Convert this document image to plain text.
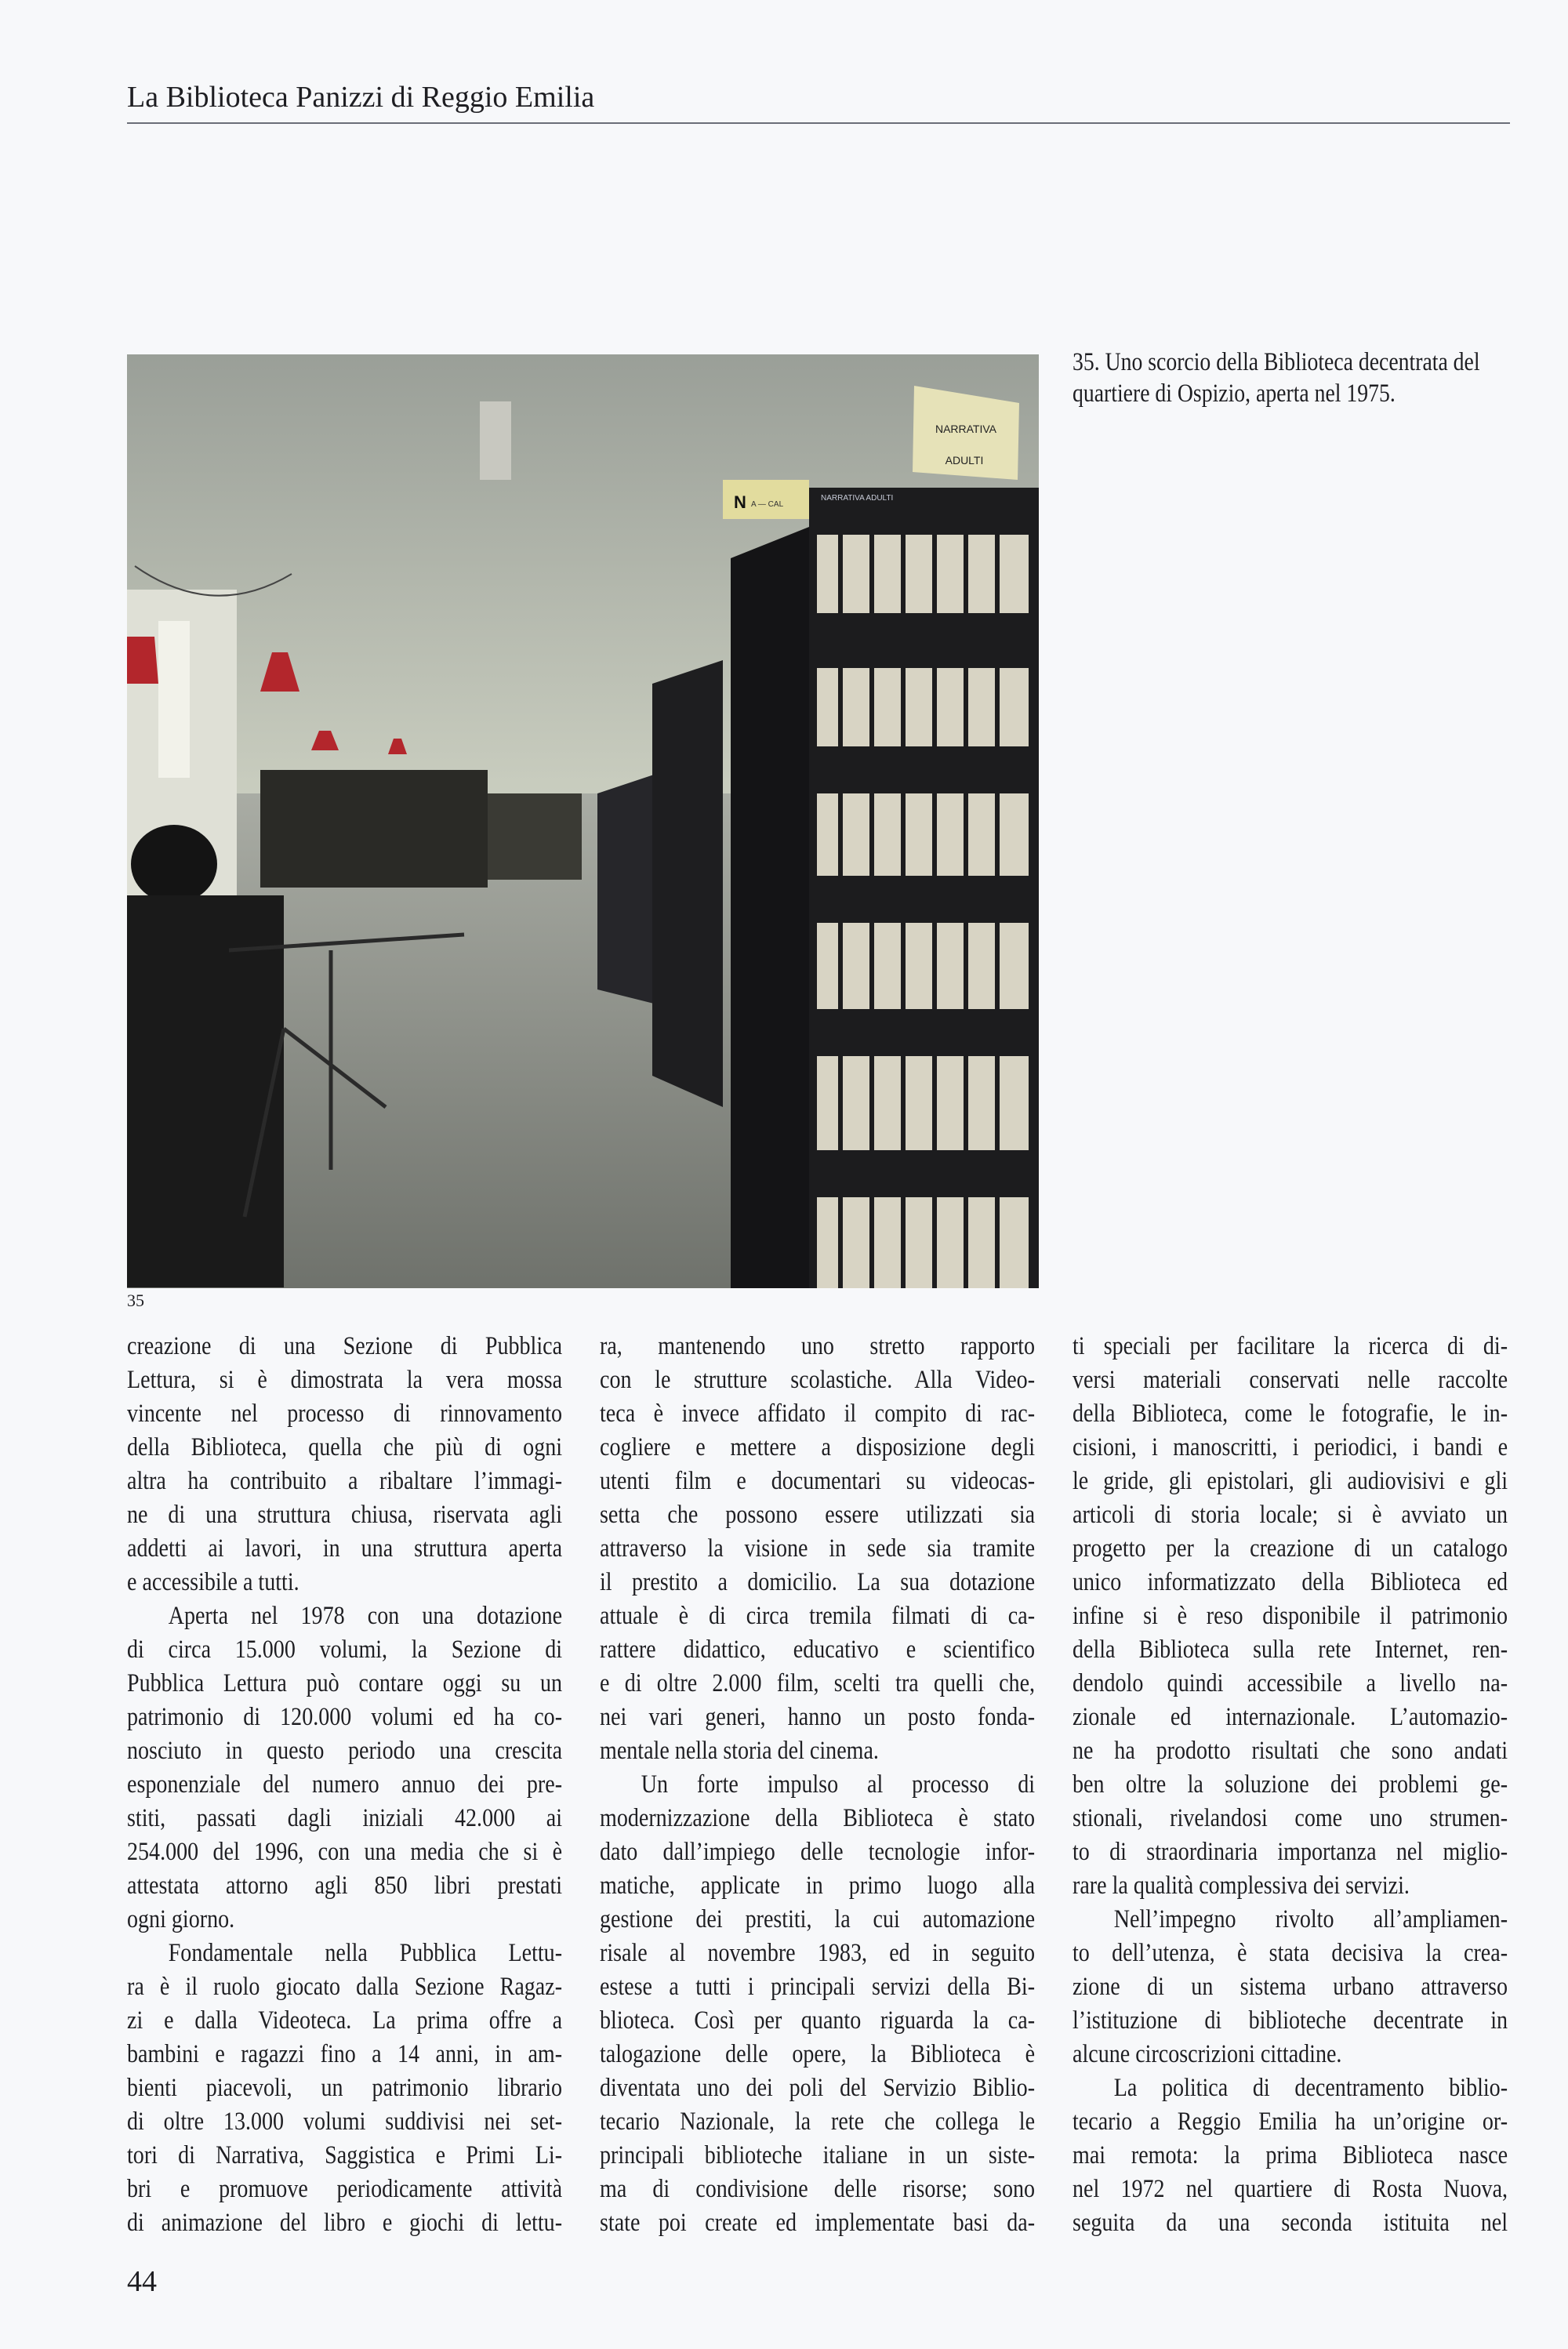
La Biblioteca Panizzi di Reggio Emilia
NARRATIVA
ADULTI
N A — CAL
NARRATIVA ADULTI
35
35. Uno scorcio della Biblioteca decentrata del quartiere di Ospizio, aperta nel 1975.
creazione di una Sezione di Pubblica
Lettura, si è dimostrata la vera mossa
vincente nel processo di rinnovamento
della Biblioteca, quella che più di ogni
altra ha contribuito a ribaltare l’immagi-
ne di una struttura chiusa, riservata agli
addetti ai lavori, in una struttura aperta
e accessibile a tutti.
Aperta nel 1978 con una dotazione
di circa 15.000 volumi, la Sezione di
Pubblica Lettura può contare oggi su un
patrimonio di 120.000 volumi ed ha co-
nosciuto in questo periodo una crescita
esponenziale del numero annuo dei pre-
stiti, passati dagli iniziali 42.000 ai
254.000 del 1996, con una media che si è
attestata attorno agli 850 libri prestati
ogni giorno.
Fondamentale nella Pubblica Lettu-
ra è il ruolo giocato dalla Sezione Ragaz-
zi e dalla Videoteca. La prima offre a
bambini e ragazzi fino a 14 anni, in am-
bienti piacevoli, un patrimonio librario
di oltre 13.000 volumi suddivisi nei set-
tori di Narrativa, Saggistica e Primi Li-
bri e promuove periodicamente attività
di animazione del libro e giochi di lettu-
ra, mantenendo uno stretto rapporto
con le strutture scolastiche. Alla Video-
teca è invece affidato il compito di rac-
cogliere e mettere a disposizione degli
utenti film e documentari su videocas-
setta che possono essere utilizzati sia
attraverso la visione in sede sia tramite
il prestito a domicilio. La sua dotazione
attuale è di circa tremila filmati di ca-
rattere didattico, educativo e scientifico
e di oltre 2.000 film, scelti tra quelli che,
nei vari generi, hanno un posto fonda-
mentale nella storia del cinema.
Un forte impulso al processo di
modernizzazione della Biblioteca è stato
dato dall’impiego delle tecnologie infor-
matiche, applicate in primo luogo alla
gestione dei prestiti, la cui automazione
risale al novembre 1983, ed in seguito
estese a tutti i principali servizi della Bi-
blioteca. Così per quanto riguarda la ca-
talogazione delle opere, la Biblioteca è
diventata uno dei poli del Servizio Biblio-
tecario Nazionale, la rete che collega le
principali biblioteche italiane in un siste-
ma di condivisione delle risorse; sono
state poi create ed implementate basi da-
ti speciali per facilitare la ricerca di di-
versi materiali conservati nelle raccolte
della Biblioteca, come le fotografie, le in-
cisioni, i manoscritti, i periodici, i bandi e
le gride, gli epistolari, gli audiovisivi e gli
articoli di storia locale; si è avviato un
progetto per la creazione di un catalogo
unico informatizzato della Biblioteca ed
infine si è reso disponibile il patrimonio
della Biblioteca sulla rete Internet, ren-
dendolo quindi accessibile a livello na-
zionale ed internazionale. L’automazio-
ne ha prodotto risultati che sono andati
ben oltre la soluzione dei problemi ge-
stionali, rivelandosi come uno strumen-
to di straordinaria importanza nel miglio-
rare la qualità complessiva dei servizi.
Nell’impegno rivolto all’ampliamen-
to dell’utenza, è stata decisiva la crea-
zione di un sistema urbano attraverso
l’istituzione di biblioteche decentrate in
alcune circoscrizioni cittadine.
La politica di decentramento biblio-
tecario a Reggio Emilia ha un’origine or-
mai remota: la prima Biblioteca nasce
nel 1972 nel quartiere di Rosta Nuova,
seguita da una seconda istituita nel
44
